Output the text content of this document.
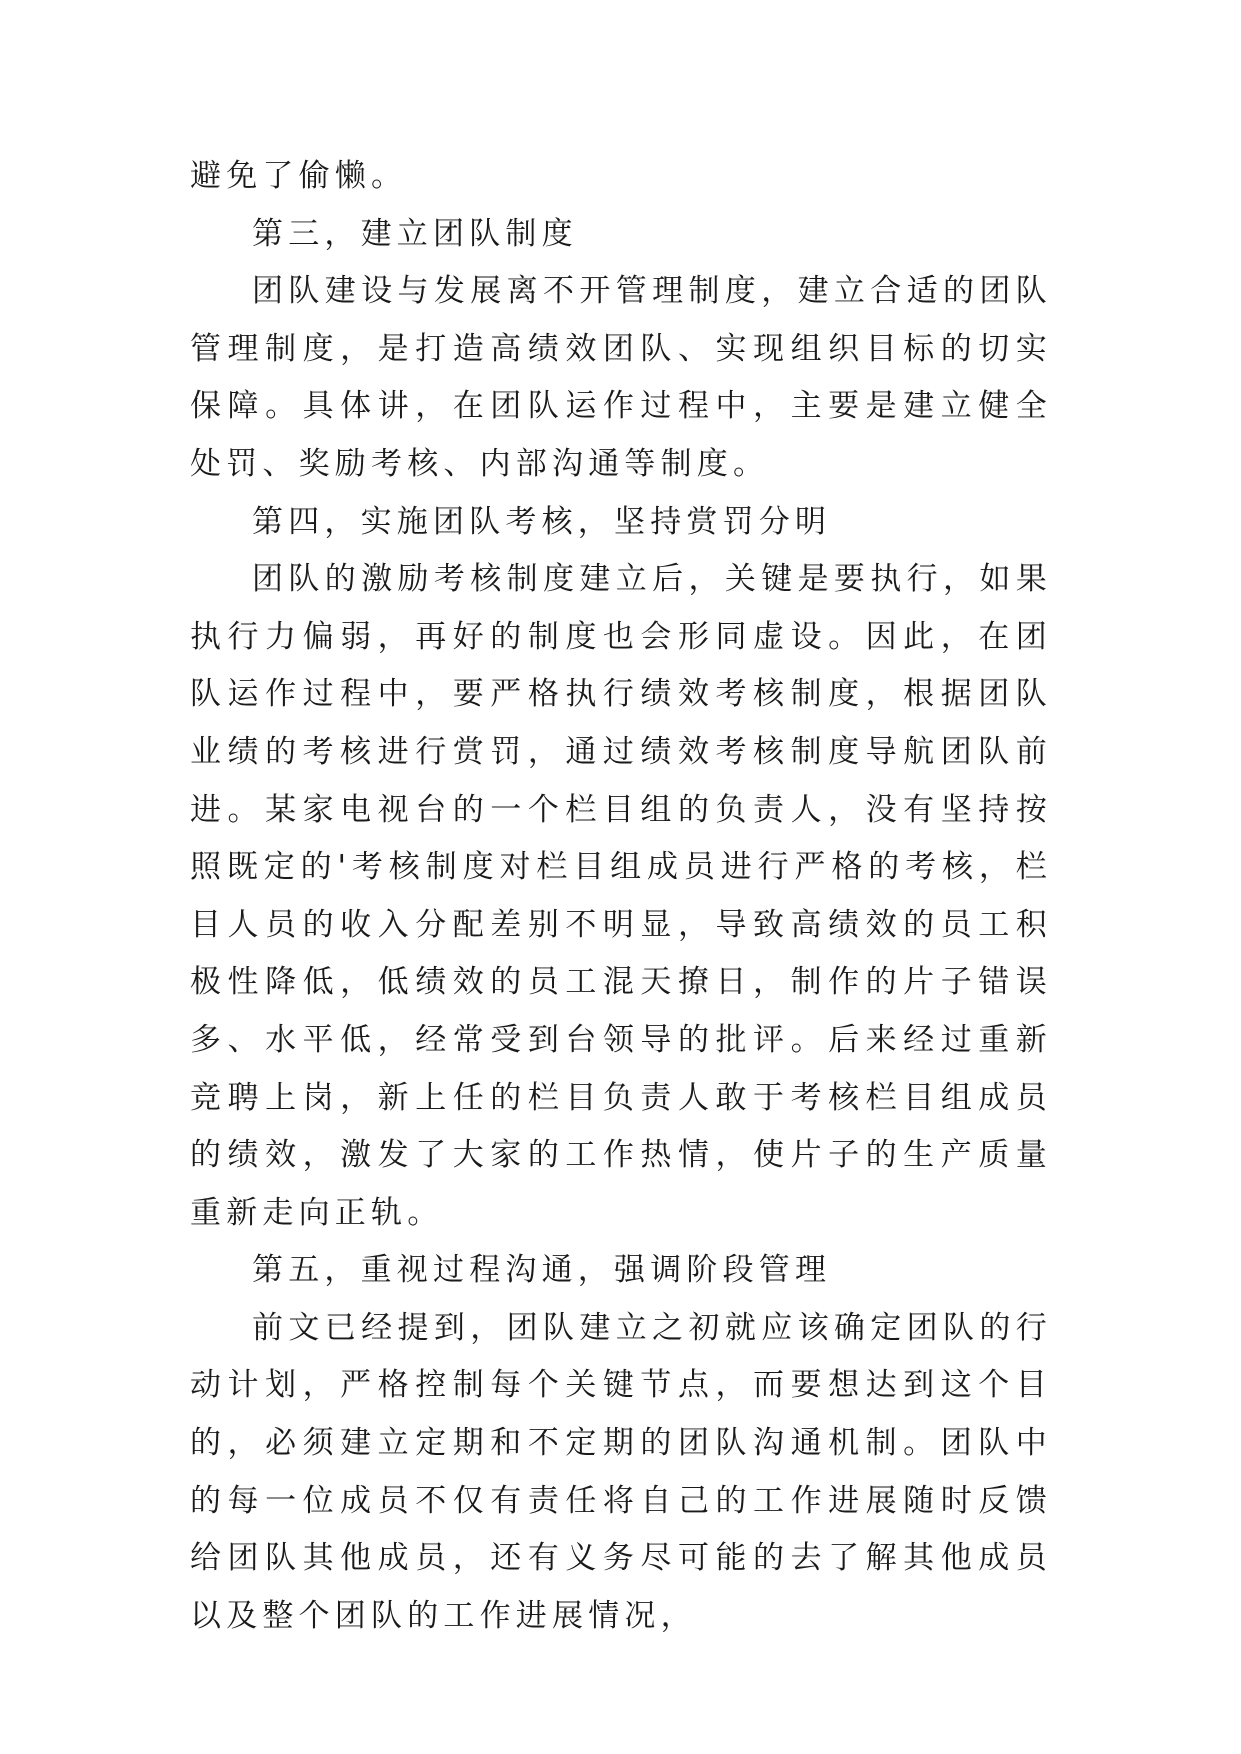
避免了偷懒。

第三，建立团队制度

团队建设与发展离不开管理制度，建立合适的团队管理制度，是打造高绩效团队、实现组织目标的切实保障。具体讲，在团队运作过程中，主要是建立健全处罚、奖励考核、内部沟通等制度。

第四，实施团队考核，坚持赏罚分明

团队的激励考核制度建立后，关键是要执行，如果执行力偏弱，再好的制度也会形同虚设。因此，在团队运作过程中，要严格执行绩效考核制度，根据团队业绩的考核进行赏罚，通过绩效考核制度导航团队前进。某家电视台的一个栏目组的负责人，没有坚持按照既定的'考核制度对栏目组成员进行严格的考核，栏目人员的收入分配差别不明显，导致高绩效的员工积极性降低，低绩效的员工混天撩日，制作的片子错误多、水平低，经常受到台领导的批评。后来经过重新竞聘上岗，新上任的栏目负责人敢于考核栏目组成员的绩效，激发了大家的工作热情，使片子的生产质量重新走向正轨。

第五，重视过程沟通，强调阶段管理

前文已经提到，团队建立之初就应该确定团队的行动计划，严格控制每个关键节点，而要想达到这个目的，必须建立定期和不定期的团队沟通机制。团队中的每一位成员不仅有责任将自己的工作进展随时反馈给团队其他成员，还有义务尽可能的去了解其他成员以及整个团队的工作进展情况，
